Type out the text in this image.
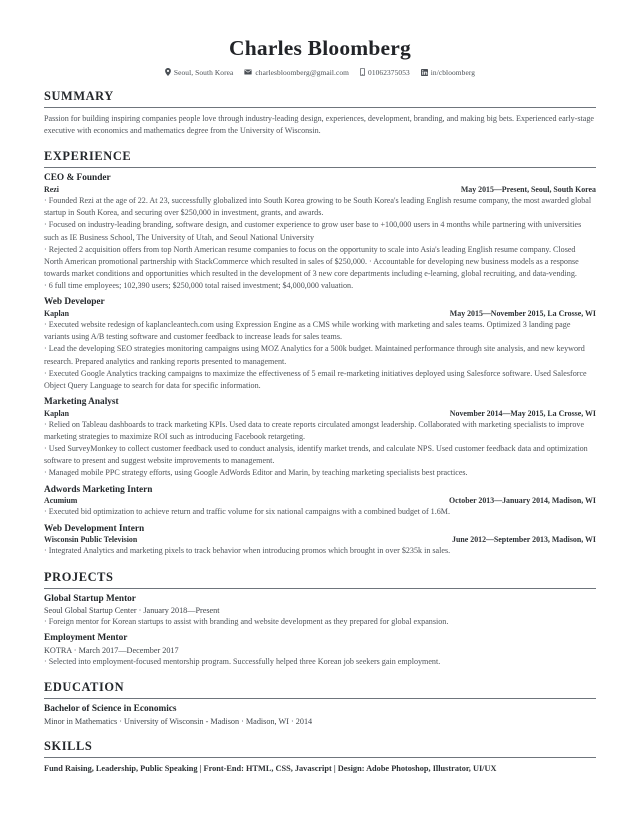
Charles Bloomberg
Seoul, South Korea	charlesbloomberg@gmail.com	01062375053	in/cbloomberg
SUMMARY
Passion for building inspiring companies people love through industry-leading design, experiences, development, branding, and making big bets. Experienced early-stage executive with economics and mathematics degree from the University of Wisconsin.
EXPERIENCE
CEO & Founder
Rezi	May 2015—Present, Seoul, South Korea
· Founded Rezi at the age of 22. At 23, successfully globalized into South Korea growing to be South Korea's leading English resume company, the most awarded global startup in South Korea, and securing over $250,000 in investment, grants, and awards.
· Focused on industry-leading branding, software design, and customer experience to grow user base to +100,000 users in 4 months while partnering with universities such as IE Business School, The University of Utah, and Seoul National University
· Rejected 2 acquisition offers from top North American resume companies to focus on the opportunity to scale into Asia's leading English resume company. Closed North American promotional partnership with StackCommerce which resulted in sales of $250,000. · Accountable for developing new business models as a response towards market conditions and opportunities which resulted in the development of 3 new core departments including e-learning, global recruiting, and data-vending.
· 6 full time employees; 102,390 users; $250,000 total raised investment; $4,000,000 valuation.
Web Developer
Kaplan	May 2015—November 2015, La Crosse, WI
· Executed website redesign of kaplancleantech.com using Expression Engine as a CMS while working with marketing and sales teams. Optimized 3 landing page variants using A/B testing software and customer feedback to increase leads for sales teams.
· Lead the developing SEO strategies monitoring campaigns using MOZ Analytics for a 500k budget. Maintained performance through site analysis, and new keyword research. Prepared analytics and ranking reports presented to management.
· Executed Google Analytics tracking campaigns to maximize the effectiveness of 5 email re-marketing initiatives deployed using Salesforce software. Used Salesforce Object Query Language to search for data for specific information.
Marketing Analyst
Kaplan	November 2014—May 2015, La Crosse, WI
· Relied on Tableau dashboards to track marketing KPIs. Used data to create reports circulated amongst leadership. Collaborated with marketing specialists to improve marketing strategies to maximize ROI such as introducing Facebook retargeting.
· Used SurveyMonkey to collect customer feedback used to conduct analysis, identify market trends, and calculate NPS. Used customer feedback data and optimization software to present and suggest website improvements to management.
· Managed mobile PPC strategy efforts, using Google AdWords Editor and Marin, by teaching marketing specialists best practices.
Adwords Marketing Intern
Acumium	October 2013—January 2014, Madison, WI
· Executed bid optimization to achieve return and traffic volume for six national campaigns with a combined budget of 1.6M.
Web Development Intern
Wisconsin Public Television	June 2012—September 2013, Madison, WI
· Integrated Analytics and marketing pixels to track behavior when introducing promos which brought in over $235k in sales.
PROJECTS
Global Startup Mentor
Seoul Global Startup Center · January 2018—Present
· Foreign mentor for Korean startups to assist with branding and website development as they prepared for global expansion.
Employment Mentor
KOTRA · March 2017—December 2017
· Selected into employment-focused mentorship program. Successfully helped three Korean job seekers gain employment.
EDUCATION
Bachelor of Science in Economics
Minor in Mathematics · University of Wisconsin - Madison · Madison, WI · 2014
SKILLS
Fund Raising, Leadership, Public Speaking | Front-End: HTML, CSS, Javascript | Design: Adobe Photoshop, Illustrator, UI/UX
